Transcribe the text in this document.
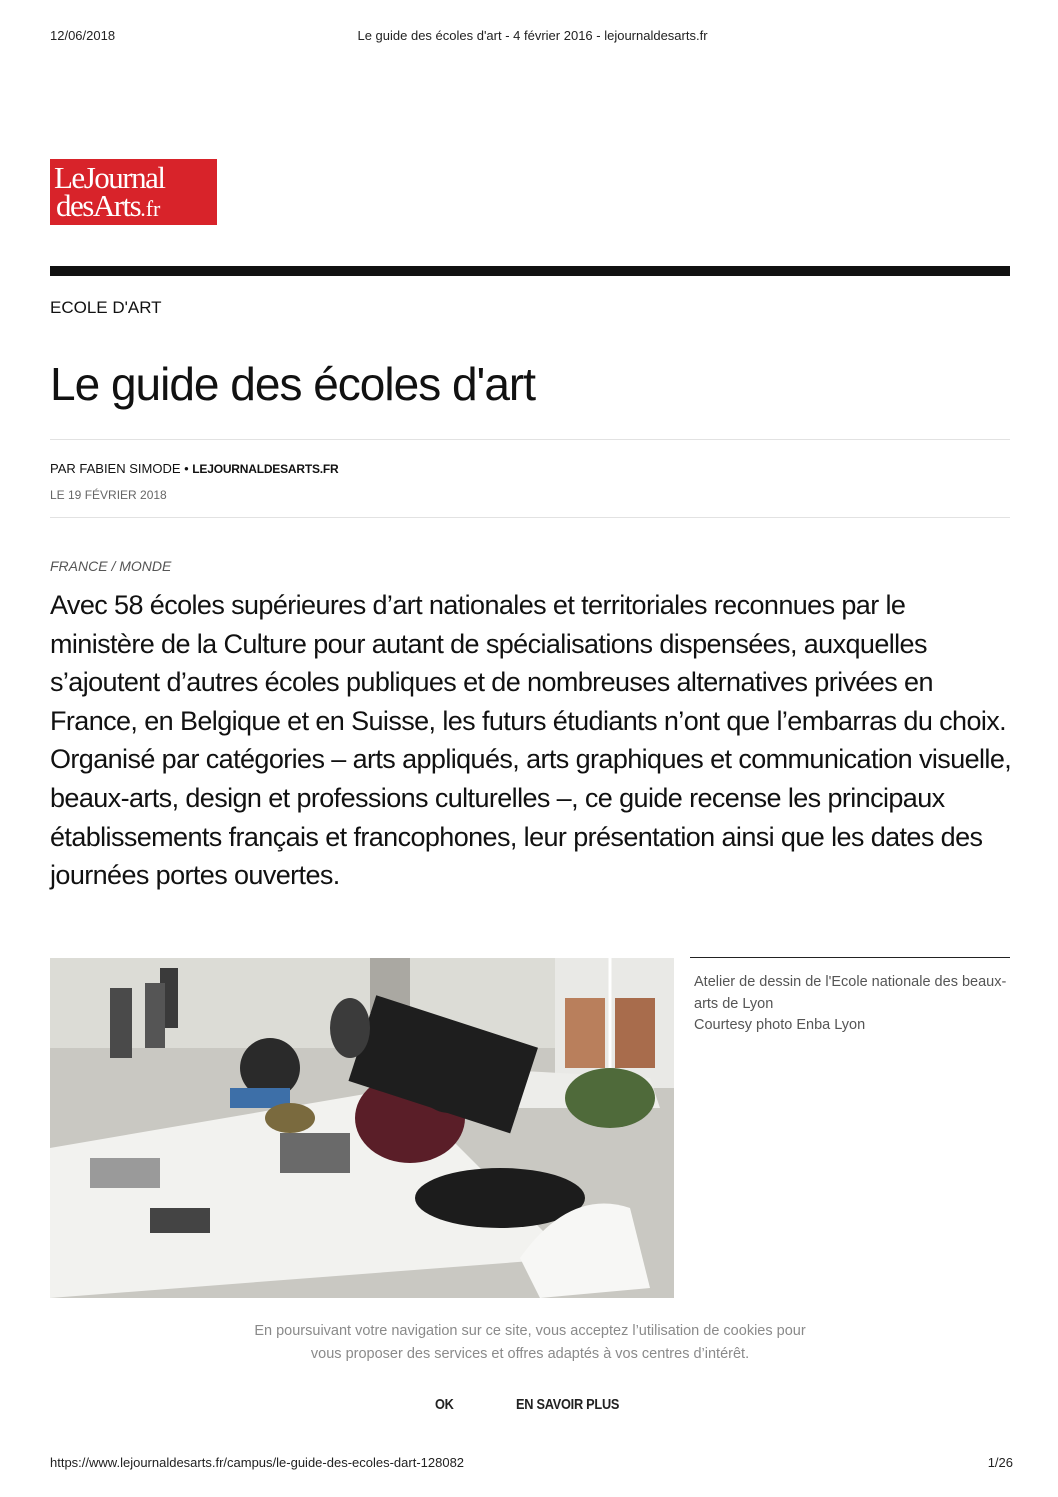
12/06/2018	Le guide des écoles d'art - 4 février 2016 - lejournaldesarts.fr
LeJournal
desArts.fr
ECOLE D'ART
Le guide des écoles d'art
PAR FABIEN SIMODE • LEJOURNALDESARTS.FR
LE 19 FÉVRIER 2018
FRANCE / MONDE

Avec 58 écoles supérieures d’art nationales et territoriales reconnues par le ministère de la Culture pour autant de spécialisations dispensées, auxquelles s’ajoutent d’autres écoles publiques et de nombreuses alternatives privées en France, en Belgique et en Suisse, les futurs étudiants n’ont que l’embarras du choix. Organisé par catégories – arts appliqués, arts graphiques et communication visuelle, beaux-arts, design et professions culturelles –, ce guide recense les principaux établissements français et francophones, leur présentation ainsi que les dates des journées portes ouvertes.

Atelier de dessin de l'Ecole nationale des beaux-arts de Lyon
Courtesy photo Enba Lyon
En poursuivant votre navigation sur ce site, vous acceptez l’utilisation de cookies pour
vous proposer des services et offres adaptés à vos centres d’intérêt.
OK	EN SAVOIR PLUS
https://www.lejournaldesarts.fr/campus/le-guide-des-ecoles-dart-128082	1/26
